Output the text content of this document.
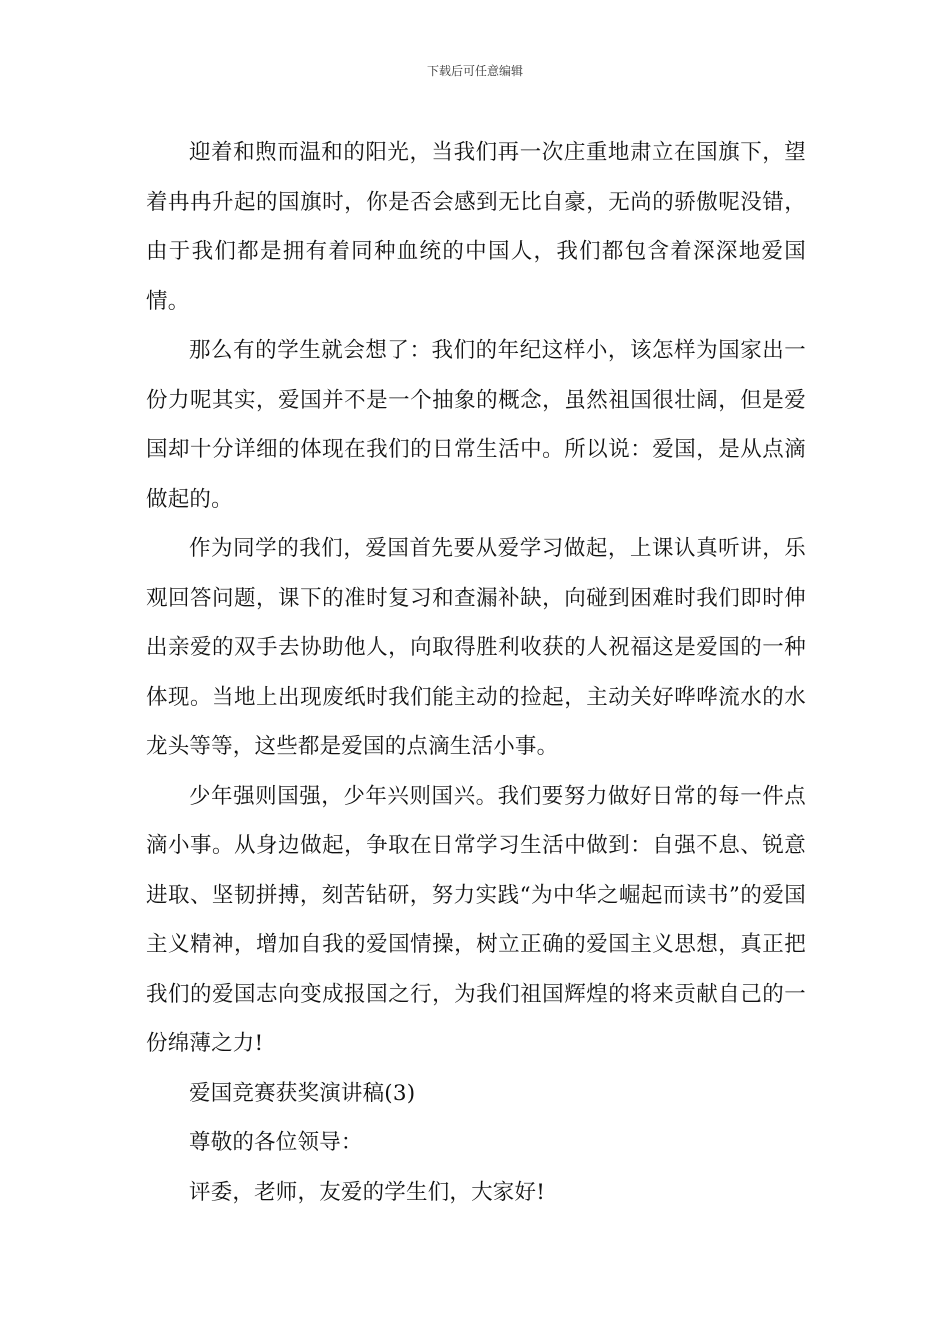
下载后可任意编辑

迎着和煦而温和的阳光，当我们再一次庄重地肃立在国旗下，望着冉冉升起的国旗时，你是否会感到无比自豪，无尚的骄傲呢没错，由于我们都是拥有着同种血统的中国人，我们都包含着深深地爱国情。

那么有的学生就会想了：我们的年纪这样小，该怎样为国家出一份力呢其实，爱国并不是一个抽象的概念，虽然祖国很壮阔，但是爱国却十分详细的体现在我们的日常生活中。所以说：爱国，是从点滴做起的。

作为同学的我们，爱国首先要从爱学习做起，上课认真听讲，乐观回答问题，课下的准时复习和查漏补缺，向碰到困难时我们即时伸出亲爱的双手去协助他人，向取得胜利收获的人祝福这是爱国的一种体现。当地上出现废纸时我们能主动的捡起，主动关好哗哗流水的水龙头等等，这些都是爱国的点滴生活小事。

少年强则国强，少年兴则国兴。我们要努力做好日常的每一件点滴小事。从身边做起，争取在日常学习生活中做到：自强不息、锐意进取、坚韧拼搏，刻苦钻研，努力实践“为中华之崛起而读书”的爱国主义精神，增加自我的爱国情操，树立正确的爱国主义思想，真正把我们的爱国志向变成报国之行，为我们祖国辉煌的将来贡献自己的一份绵薄之力!

爱国竞赛获奖演讲稿(3)

尊敬的各位领导：

评委，老师，友爱的学生们，大家好!
